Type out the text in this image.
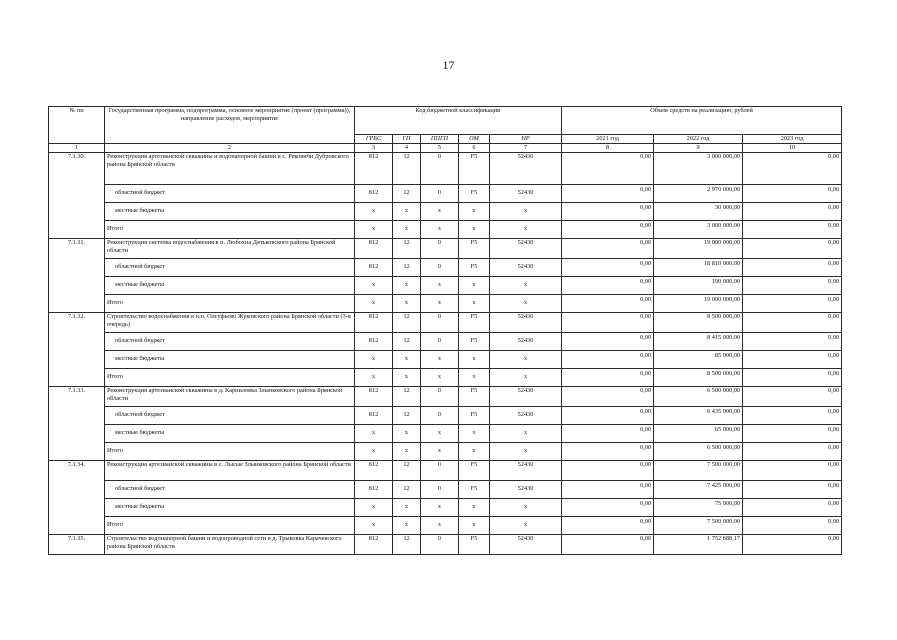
17
№ пп	Государственная программа, подпрограмма, основное мероприятие (проект (программа)), направление расходов, мероприятие	Код бюджетной классификации					Объем средств на реализацию, рублей		
		ГРБС	ГП	ППГП	ОМ	НР	2021 год	2022 год	2023 год
1	2	3	4	5	6	7	8	9	10
7.1.30.	Реконструкция артезианской скважины и водонапорной башни в с. Рековичи Дубровского района Брянской области	812	12	0	F5	52430	0,00	3 000 000,00	0,00
	областной бюджет	812	12	0	F5	52430	0,00	2 970 000,00	0,00
	местные бюджеты	x	x	x	x	x	0,00	30 000,00	0,00
	Итого	x	x	x	x	x	0,00	3 000 000,00	0,00
7.1.31.	Реконструкция системы водоснабжения в п. Любохна Дятьковского района Брянской области	812	12	0	F5	52430	0,00	19 000 000,00	0,00
	областной бюджет	812	12	0	F5	52430	0,00	18 810 000,00	0,00
	местные бюджеты	x	x	x	x	x	0,00	190 000,00	0,00
	Итого	x	x	x	x	x	0,00	19 000 000,00	0,00
7.1.32.	Строительство водоснабжения в н.п. Олсуфьево Жуковского района Брянской области (3-я очередь)	812	12	0	F5	52430	0,00	8 500 000,00	0,00
	областной бюджет	812	12	0	F5	52430	0,00	8 415 000,00	0,00
	местные бюджеты	x	x	x	x	x	0,00	85 000,00	0,00
	Итого	x	x	x	x	x	0,00	8 500 000,00	0,00
7.1.33.	Реконструкция артезианской скважины в д. Карпиловка Злынковского района Брянской области	812	12	0	F5	52430	0,00	6 500 000,00	0,00
	областной бюджет	812	12	0	F5	52430	0,00	6 435 000,00	0,00
	местные бюджеты	x	x	x	x	x	0,00	65 000,00	0,00
	Итого	x	x	x	x	x	0,00	6 500 000,00	0,00
7.1.34.	Реконструкция артезианской скважины в с. Лысые Злынковского района Брянской области	812	12	0	F5	52430	0,00	7 500 000,00	0,00
	областной бюджет	812	12	0	F5	52430	0,00	7 425 000,00	0,00
	местные бюджеты	x	x	x	x	x	0,00	75 000,00	0,00
	Итого	x	x	x	x	x	0,00	7 500 000,00	0,00
7.1.35.	Строительство водонапорной башни и водопроводной сети в д. Трыковка Карачевского района Брянской области	812	12	0	F5	52430	0,00	1 752 688,17	0,00
